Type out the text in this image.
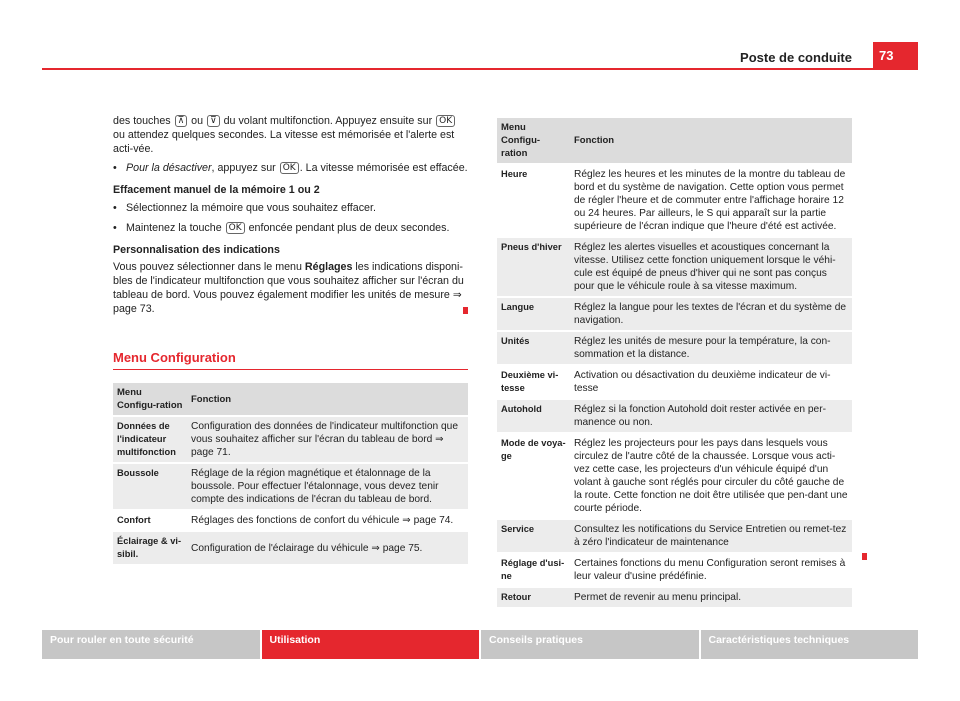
Poste de conduite	73

des touches ⊼ ou ⊽ du volant multifonction. Appuyez ensuite sur OK ou attendez quelques secondes. La vitesse est mémorisée et l'alerte est acti-vée.

• Pour la désactiver, appuyez sur OK . La vitesse mémorisée est effacée.
Effacement manuel de la mémoire 1 ou 2
• Sélectionnez la mémoire que vous souhaitez effacer.
• Maintenez la touche OK enfoncée pendant plus de deux secondes.
Personnalisation des indications

Vous pouvez sélectionner dans le menu Réglages les indications disponi-bles de l'indicateur multifonction que vous souhaitez afficher sur l'écran du tableau de bord. Vous pouvez également modifier les unités de mesure ⇒ page 73.

Menu Configuration
Menu Configu-ration	Fonction
Données de l'indicateur multifonction	Configuration des données de l'indicateur multifonction que vous souhaitez afficher sur l'écran du tableau de bord ⇒ page 71.
Boussole	Réglage de la région magnétique et étalonnage de la boussole. Pour effectuer l'étalonnage, vous devez tenir compte des indications de l'écran du tableau de bord.
Confort	Réglages des fonctions de confort du véhicule ⇒ page 74.
Éclairage & vi-sibil.	Configuration de l'éclairage du véhicule ⇒ page 75.
Menu Configu-ration	Fonction
Heure	Réglez les heures et les minutes de la montre du tableau de bord et du système de navigation. Cette option vous permet de régler l'heure et de commuter entre l'affichage horaire 12 ou 24 heures. Par ailleurs, le S qui apparaît sur la partie supérieure de l'écran indique que l'heure d'été est activée.
Pneus d'hiver	Réglez les alertes visuelles et acoustiques concernant la vitesse. Utilisez cette fonction uniquement lorsque le véhi-cule est équipé de pneus d'hiver qui ne sont pas conçus pour que le véhicule roule à sa vitesse maximum.
Langue	Réglez la langue pour les textes de l'écran et du système de navigation.
Unités	Réglez les unités de mesure pour la température, la con-sommation et la distance.
Deuxième vi-tesse	Activation ou désactivation du deuxième indicateur de vi-tesse
Autohold	Réglez si la fonction Autohold doit rester activée en per-manence ou non.
Mode de voya-ge	Réglez les projecteurs pour les pays dans lesquels vous circulez de l'autre côté de la chaussée. Lorsque vous acti-vez cette case, les projecteurs d'un véhicule équipé d'un volant à gauche sont réglés pour circuler du côté gauche de la route. Cette fonction ne doit être utilisée que pen-dant une courte période.
Service	Consultez les notifications du Service Entretien ou remet-tez à zéro l'indicateur de maintenance
Réglage d'usi-ne	Certaines fonctions du menu Configuration seront remises à leur valeur d'usine prédéfinie.
Retour	Permet de revenir au menu principal.
Pour rouler en toute sécurité	Utilisation	Conseils pratiques	Caractéristiques techniques
